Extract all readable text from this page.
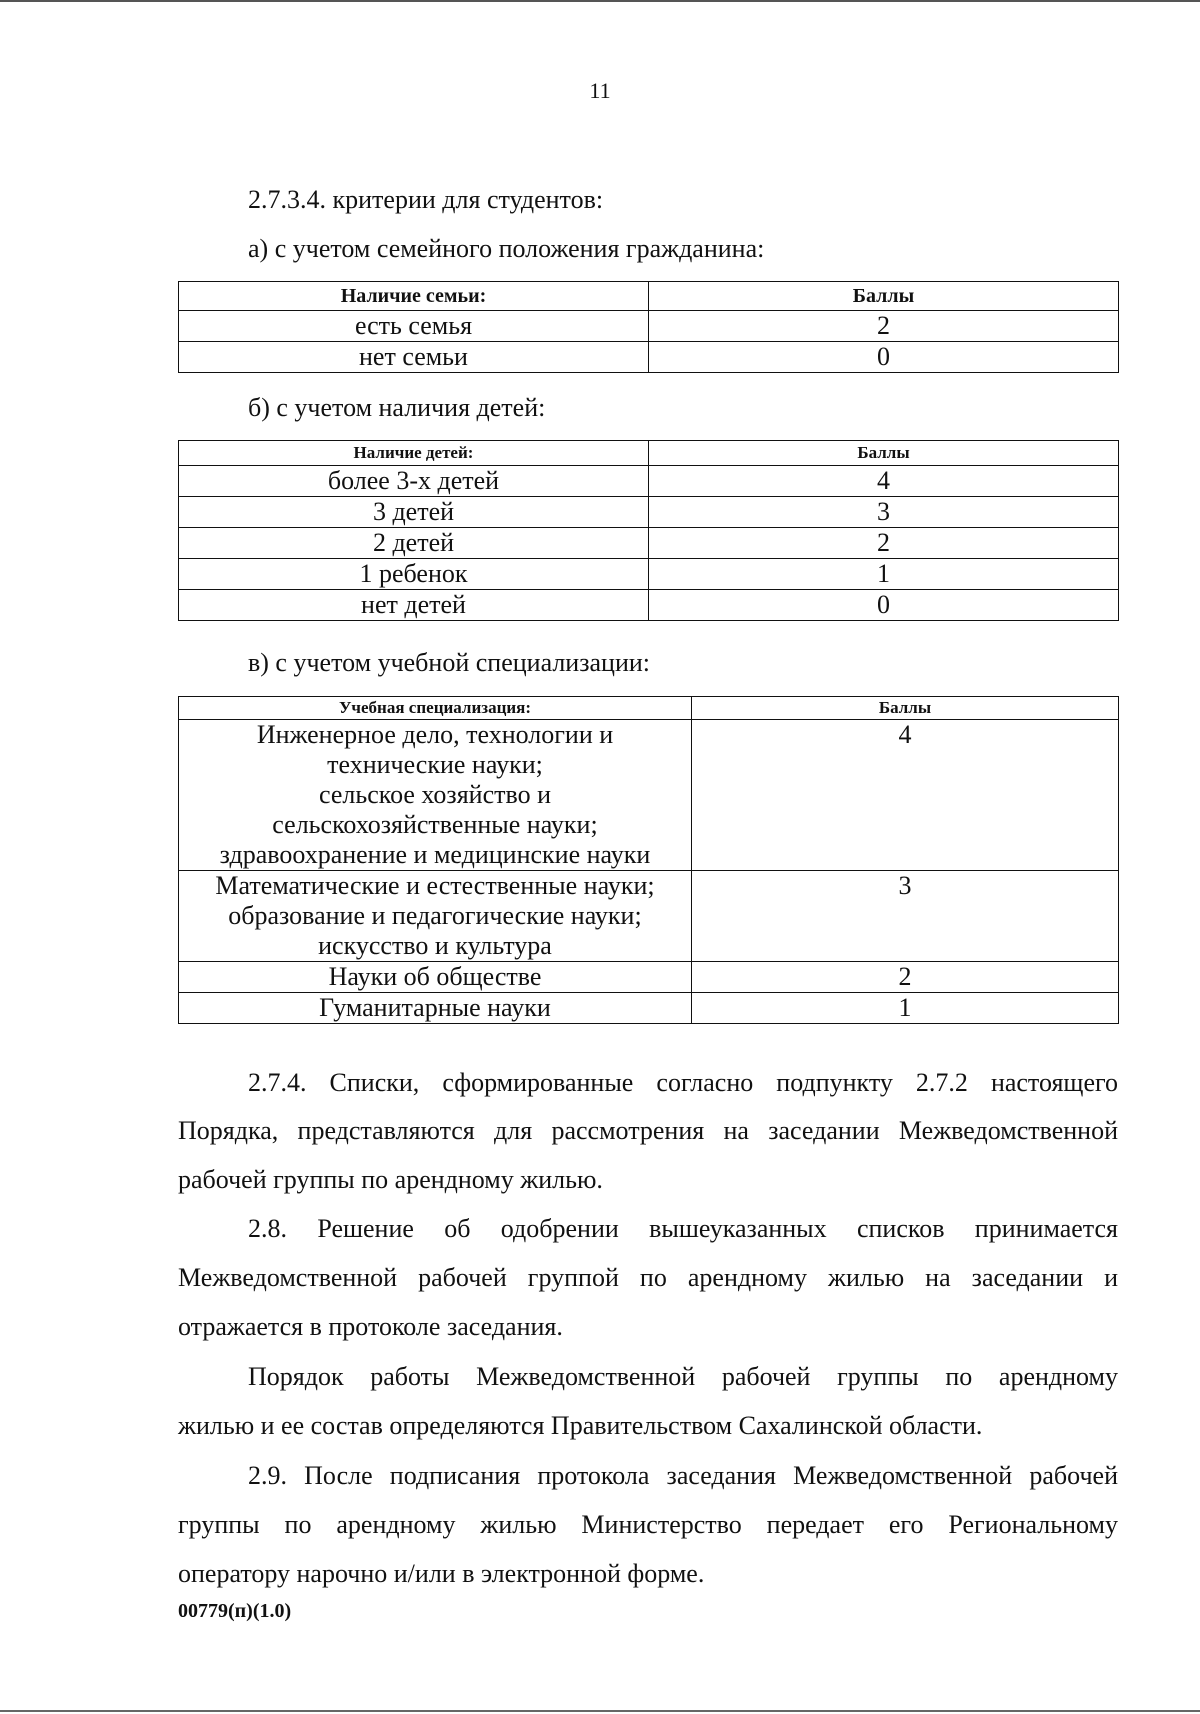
11
2.7.3.4. критерии для студентов:
а) с учетом семейного положения гражданина:
Наличие семьи:	Баллы
есть семья	2
нет семьи	0
б) с учетом наличия детей:
Наличие детей:	Баллы
более 3-х детей	4
3 детей	3
2 детей	2
1 ребенок	1
нет детей	0
в) с учетом учебной специализации:
Учебная специализация:	Баллы

Инженерное дело, технологии и
технические науки;
сельское хозяйство и
сельскохозяйственные науки;
здравоохранение и медицинские науки	4

Математические и естественные науки;
образование и педагогические науки;
искусство и культура	3
Науки об обществе	2
Гуманитарные науки	1
2.7.4. Списки, сформированные согласно подпункту 2.7.2 настоящего
Порядка, представляются для рассмотрения на заседании Межведомственной
рабочей группы по арендному жилью.
2.8. Решение об одобрении вышеуказанных списков принимается
Межведомственной рабочей группой по арендному жилью на заседании и
отражается в протоколе заседания.
Порядок работы Межведомственной рабочей группы по арендному
жилью и ее состав определяются Правительством Сахалинской области.
2.9. После подписания протокола заседания Межведомственной рабочей
группы по арендному жилью Министерство передает его Региональному
оператору нарочно и/или в электронной форме.
00779(п)(1.0)
